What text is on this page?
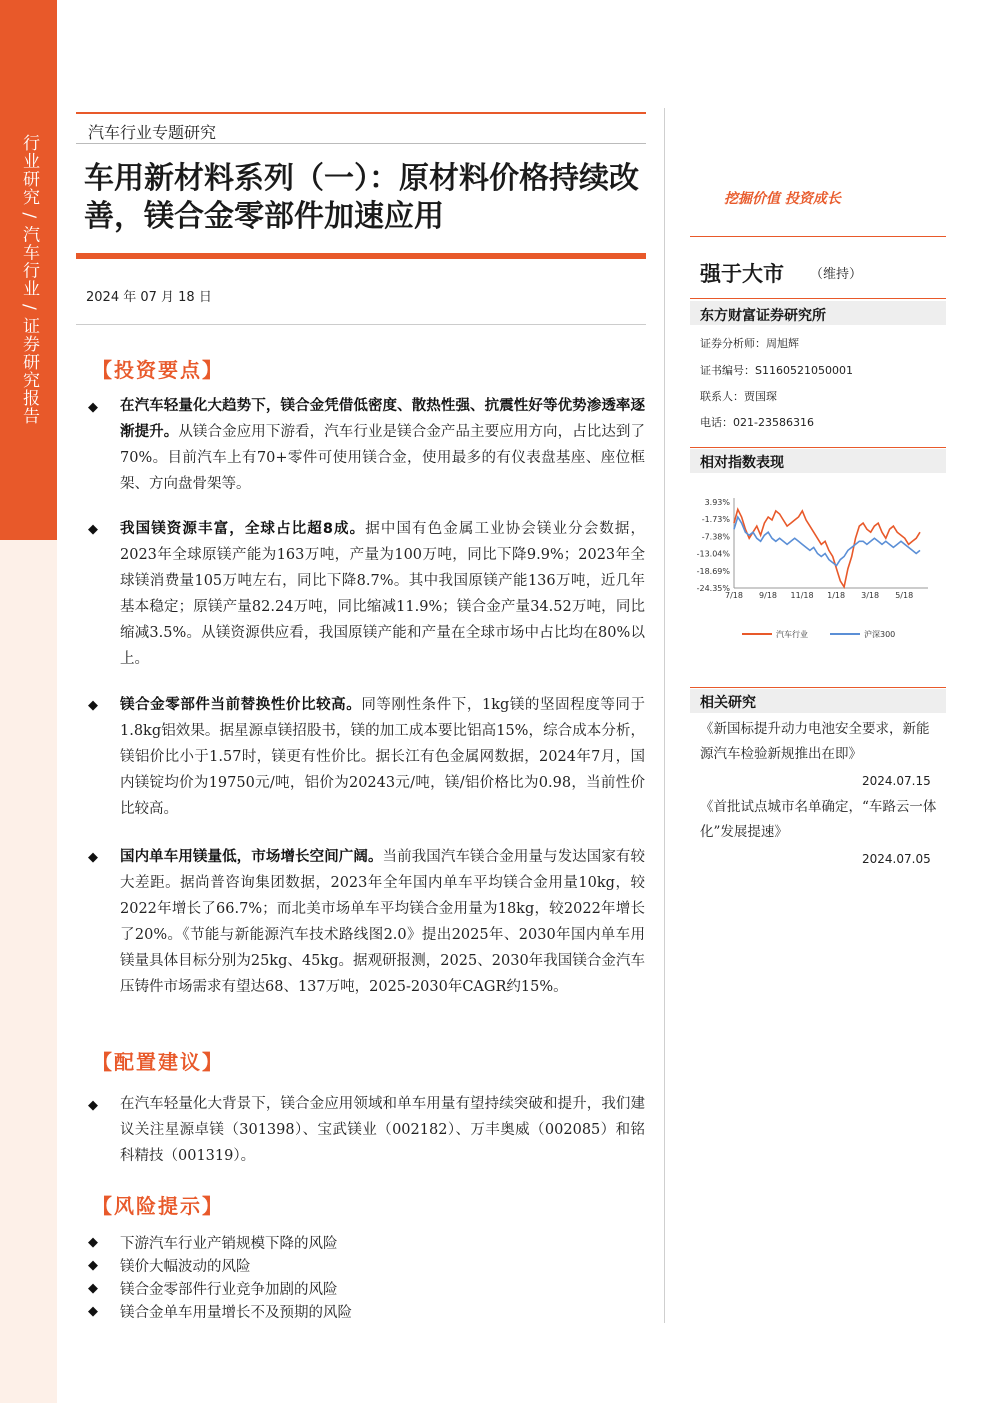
行业研究 / 汽车行业 / 证券研究报告
汽车行业专题研究
车用新材料系列（一）：原材料价格持续改善，镁合金零部件加速应用
2024 年 07 月 18 日
【投资要点】
◆ 在汽车轻量化大趋势下，镁合金凭借低密度、散热性强、抗震性好等优势渗透率逐渐提升。从镁合金应用下游看，汽车行业是镁合金产品主要应用方向，占比达到了70%。目前汽车上有70+零件可使用镁合金，使用最多的有仪表盘基座、座位框架、方向盘骨架等。
◆ 我国镁资源丰富，全球占比超8成。据中国有色金属工业协会镁业分会数据，2023年全球原镁产能为163万吨，产量为100万吨，同比下降9.9%；2023年全球镁消费量105万吨左右，同比下降8.7%。其中我国原镁产能136万吨，近几年基本稳定；原镁产量82.24万吨，同比缩减11.9%；镁合金产量34.52万吨，同比缩减3.5%。从镁资源供应看，我国原镁产能和产量在全球市场中占比均在80%以上。
◆ 镁合金零部件当前替换性价比较高。同等刚性条件下，1kg镁的坚固程度等同于1.8kg铝效果。据星源卓镁招股书，镁的加工成本要比铝高15%，综合成本分析，镁铝价比小于1.57时，镁更有性价比。据长江有色金属网数据，2024年7月，国内镁锭均价为19750元/吨，铝价为20243元/吨，镁/铝价格比为0.98，当前性价比较高。
◆ 国内单车用镁量低，市场增长空间广阔。当前我国汽车镁合金用量与发达国家有较大差距。据尚普咨询集团数据，2023年全年国内单车平均镁合金用量10kg，较2022年增长了66.7%；而北美市场单车平均镁合金用量为18kg，较2022年增长了20%。《节能与新能源汽车技术路线图2.0》提出2025年、2030年国内单车用镁量具体目标分别为25kg、45kg。据观研报测，2025、2030年我国镁合金汽车压铸件市场需求有望达68、137万吨，2025-2030年CAGR约15%。
【配置建议】
◆ 在汽车轻量化大背景下，镁合金应用领域和单车用量有望持续突破和提升，我们建议关注星源卓镁（301398）、宝武镁业（002182）、万丰奥威（002085）和铭科精技（001319）。
【风险提示】
◆ 下游汽车行业产销规模下降的风险
◆ 镁价大幅波动的风险
◆ 镁合金零部件行业竞争加剧的风险
◆ 镁合金单车用量增长不及预期的风险
挖掘价值 投资成长
强于大市 （维持）
东方财富证券研究所
证券分析师：周旭辉
证书编号：S1160521050001
联系人：贾国琛
电话：021-23586316
相对指数表现
3.93%
-1.73%
-7.38%
-13.04%
-18.69%
-24.35%
7/18 9/18 11/18 1/18 3/18 5/18
汽车行业	沪深300
相关研究
《新国标提升动力电池安全要求，新能源汽车检验新规推出在即》
2024.07.15
《首批试点城市名单确定，“车路云一体化”发展提速》
2024.07.05
